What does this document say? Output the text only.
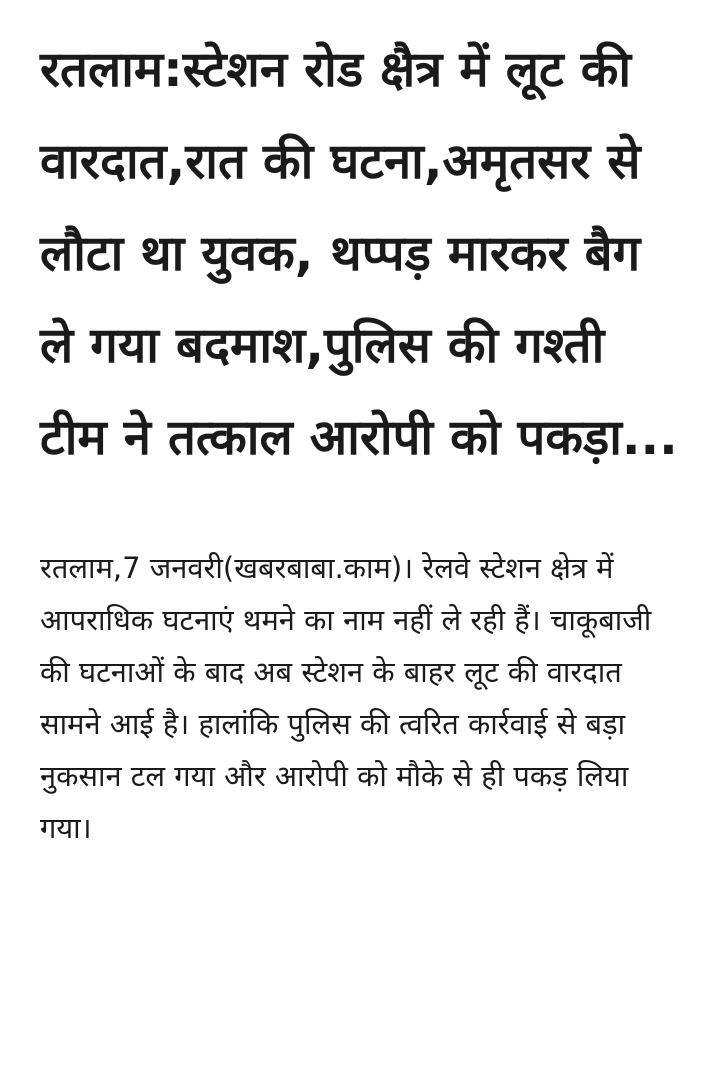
रतलाम:स्टेशन रोड क्षैत्र में लूट की वारदात,रात की घटना,अमृतसर से लौटा था युवक, थप्पड़ मारकर बैग ले गया बदमाश,पुलिस की गश्ती टीम ने तत्काल आरोपी को पकड़ा...

रतलाम,7 जनवरी(खबरबाबा.काम)। रेलवे स्टेशन क्षेत्र में आपराधिक घटनाएं थमने का नाम नहीं ले रही हैं। चाकूबाजी की घटनाओं के बाद अब स्टेशन के बाहर लूट की वारदात सामने आई है। हालांकि पुलिस की त्वरित कार्रवाई से बड़ा नुकसान टल गया और आरोपी को मौके से ही पकड़ लिया गया।
